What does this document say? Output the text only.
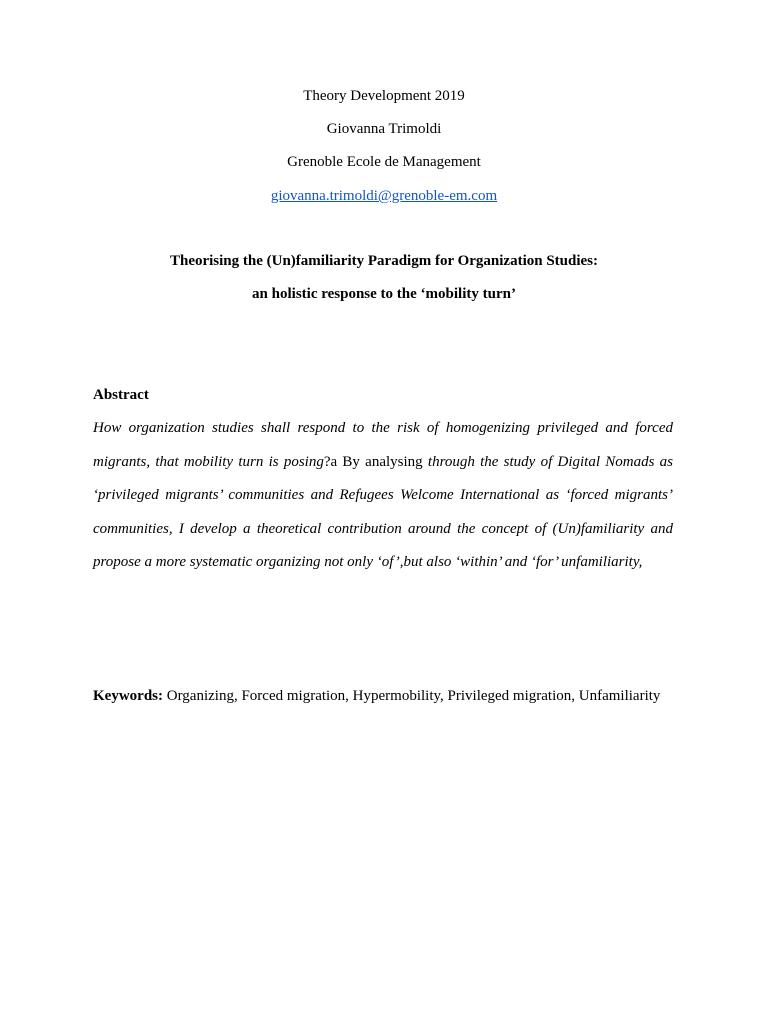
Theory Development 2019
Giovanna Trimoldi
Grenoble Ecole de Management
giovanna.trimoldi@grenoble-em.com
Theorising the (Un)familiarity Paradigm for Organization Studies:
an holistic response to the ‘mobility turn’
Abstract
How organization studies shall respond to the risk of homogenizing privileged and forced migrants, that mobility turn is posing?a By analysing through the study of Digital Nomads as ‘privileged migrants’ communities and Refugees Welcome International as ‘forced migrants’ communities, I develop a theoretical contribution around the concept of (Un)familiarity and propose a more systematic organizing not only ‘of’,but also ‘within’ and ‘for’ unfamiliarity,
Keywords: Organizing, Forced migration, Hypermobility, Privileged migration, Unfamiliarity
